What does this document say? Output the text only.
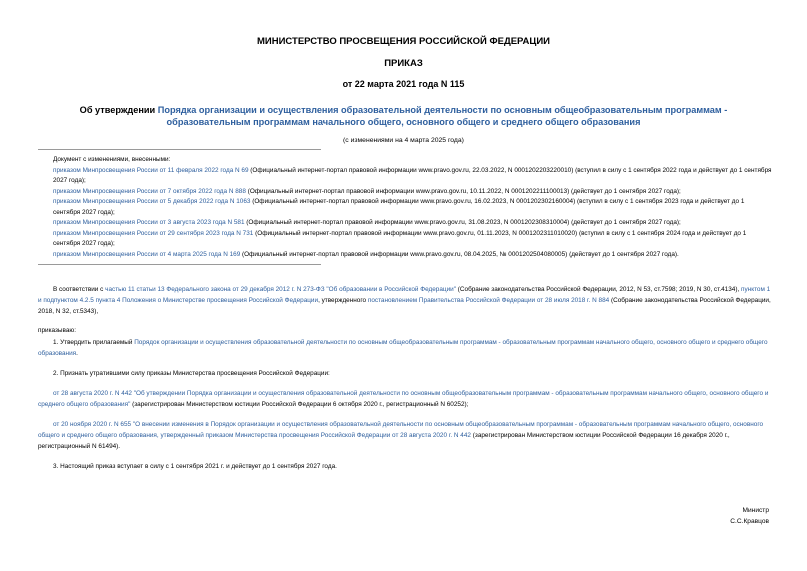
МИНИСТЕРСТВО ПРОСВЕЩЕНИЯ РОССИЙСКОЙ ФЕДЕРАЦИИ
ПРИКАЗ
от 22 марта 2021 года N 115
Об утверждении Порядка организации и осуществления образовательной деятельности по основным общеобразовательным программам - образовательным программам начального общего, основного общего и среднего общего образования
(с изменениями на 4 марта 2025 года)
Документ с изменениями, внесенными:
приказом Минпросвещения России от 11 февраля 2022 года N 69 (Официальный интернет-портал правовой информации www.pravo.gov.ru, 22.03.2022, N 0001202203220010) (вступил в силу с 1 сентября 2022 года и действует до 1 сентября 2027 года);
приказом Минпросвещения России от 7 октября 2022 года N 888 (Официальный интернет-портал правовой информации www.pravo.gov.ru, 10.11.2022, N 0001202211100013) (действует до 1 сентября 2027 года);
приказом Минпросвещения России от 5 декабря 2022 года N 1063 (Официальный интернет-портал правовой информации www.pravo.gov.ru, 16.02.2023, N 0001202302160004) (вступил в силу с 1 сентября 2023 года и действует до 1 сентября 2027 года);
приказом Минпросвещения России от 3 августа 2023 года N 581 (Официальный интернет-портал правовой информации www.pravo.gov.ru, 31.08.2023, N 0001202308310004) (действует до 1 сентября 2027 года);
приказом Минпросвещения России от 29 сентября 2023 года N 731 (Официальный интернет-портал правовой информации www.pravo.gov.ru, 01.11.2023, N 0001202311010020) (вступил в силу с 1 сентября 2024 года и действует до 1 сентября 2027 года);
приказом Минпросвещения России от 4 марта 2025 года N 169 (Официальный интернет-портал правовой информации www.pravo.gov.ru, 08.04.2025, № 0001202504080005) (действует до 1 сентября 2027 года).
В соответствии с частью 11 статьи 13 Федерального закона от 29 декабря 2012 г. N 273-ФЗ "Об образовании в Российской Федерации" (Собрание законодательства Российской Федерации, 2012, N 53, ст.7598; 2019, N 30, ст.4134), пунктом 1 и подпунктом 4.2.5 пункта 4 Положения о Министерстве просвещения Российской Федерации, утвержденного постановлением Правительства Российской Федерации от 28 июля 2018 г. N 884 (Собрание законодательства Российской Федерации, 2018, N 32, ст.5343),
приказываю:
1. Утвердить прилагаемый Порядок организации и осуществления образовательной деятельности по основным общеобразовательным программам - образовательным программам начального общего, основного общего и среднего общего образования.
2. Признать утратившими силу приказы Министерства просвещения Российской Федерации:
от 28 августа 2020 г. N 442 "Об утверждении Порядка организации и осуществления образовательной деятельности по основным общеобразовательным программам - образовательным программам начального общего, основного общего и среднего общего образования" (зарегистрирован Министерством юстиции Российской Федерации 6 октября 2020 г., регистрационный N 60252);
от 20 ноября 2020 г. N 655 "О внесении изменения в Порядок организации и осуществления образовательной деятельности по основным общеобразовательным программам - образовательным программам начального общего, основного общего и среднего общего образования, утвержденный приказом Министерства просвещения Российской Федерации от 28 августа 2020 г. N 442 (зарегистрирован Министерством юстиции Российской Федерации 16 декабря 2020 г., регистрационный N 61494).
3. Настоящий приказ вступает в силу с 1 сентября 2021 г. и действует до 1 сентября 2027 года.
Министр
С.С.Кравцов
